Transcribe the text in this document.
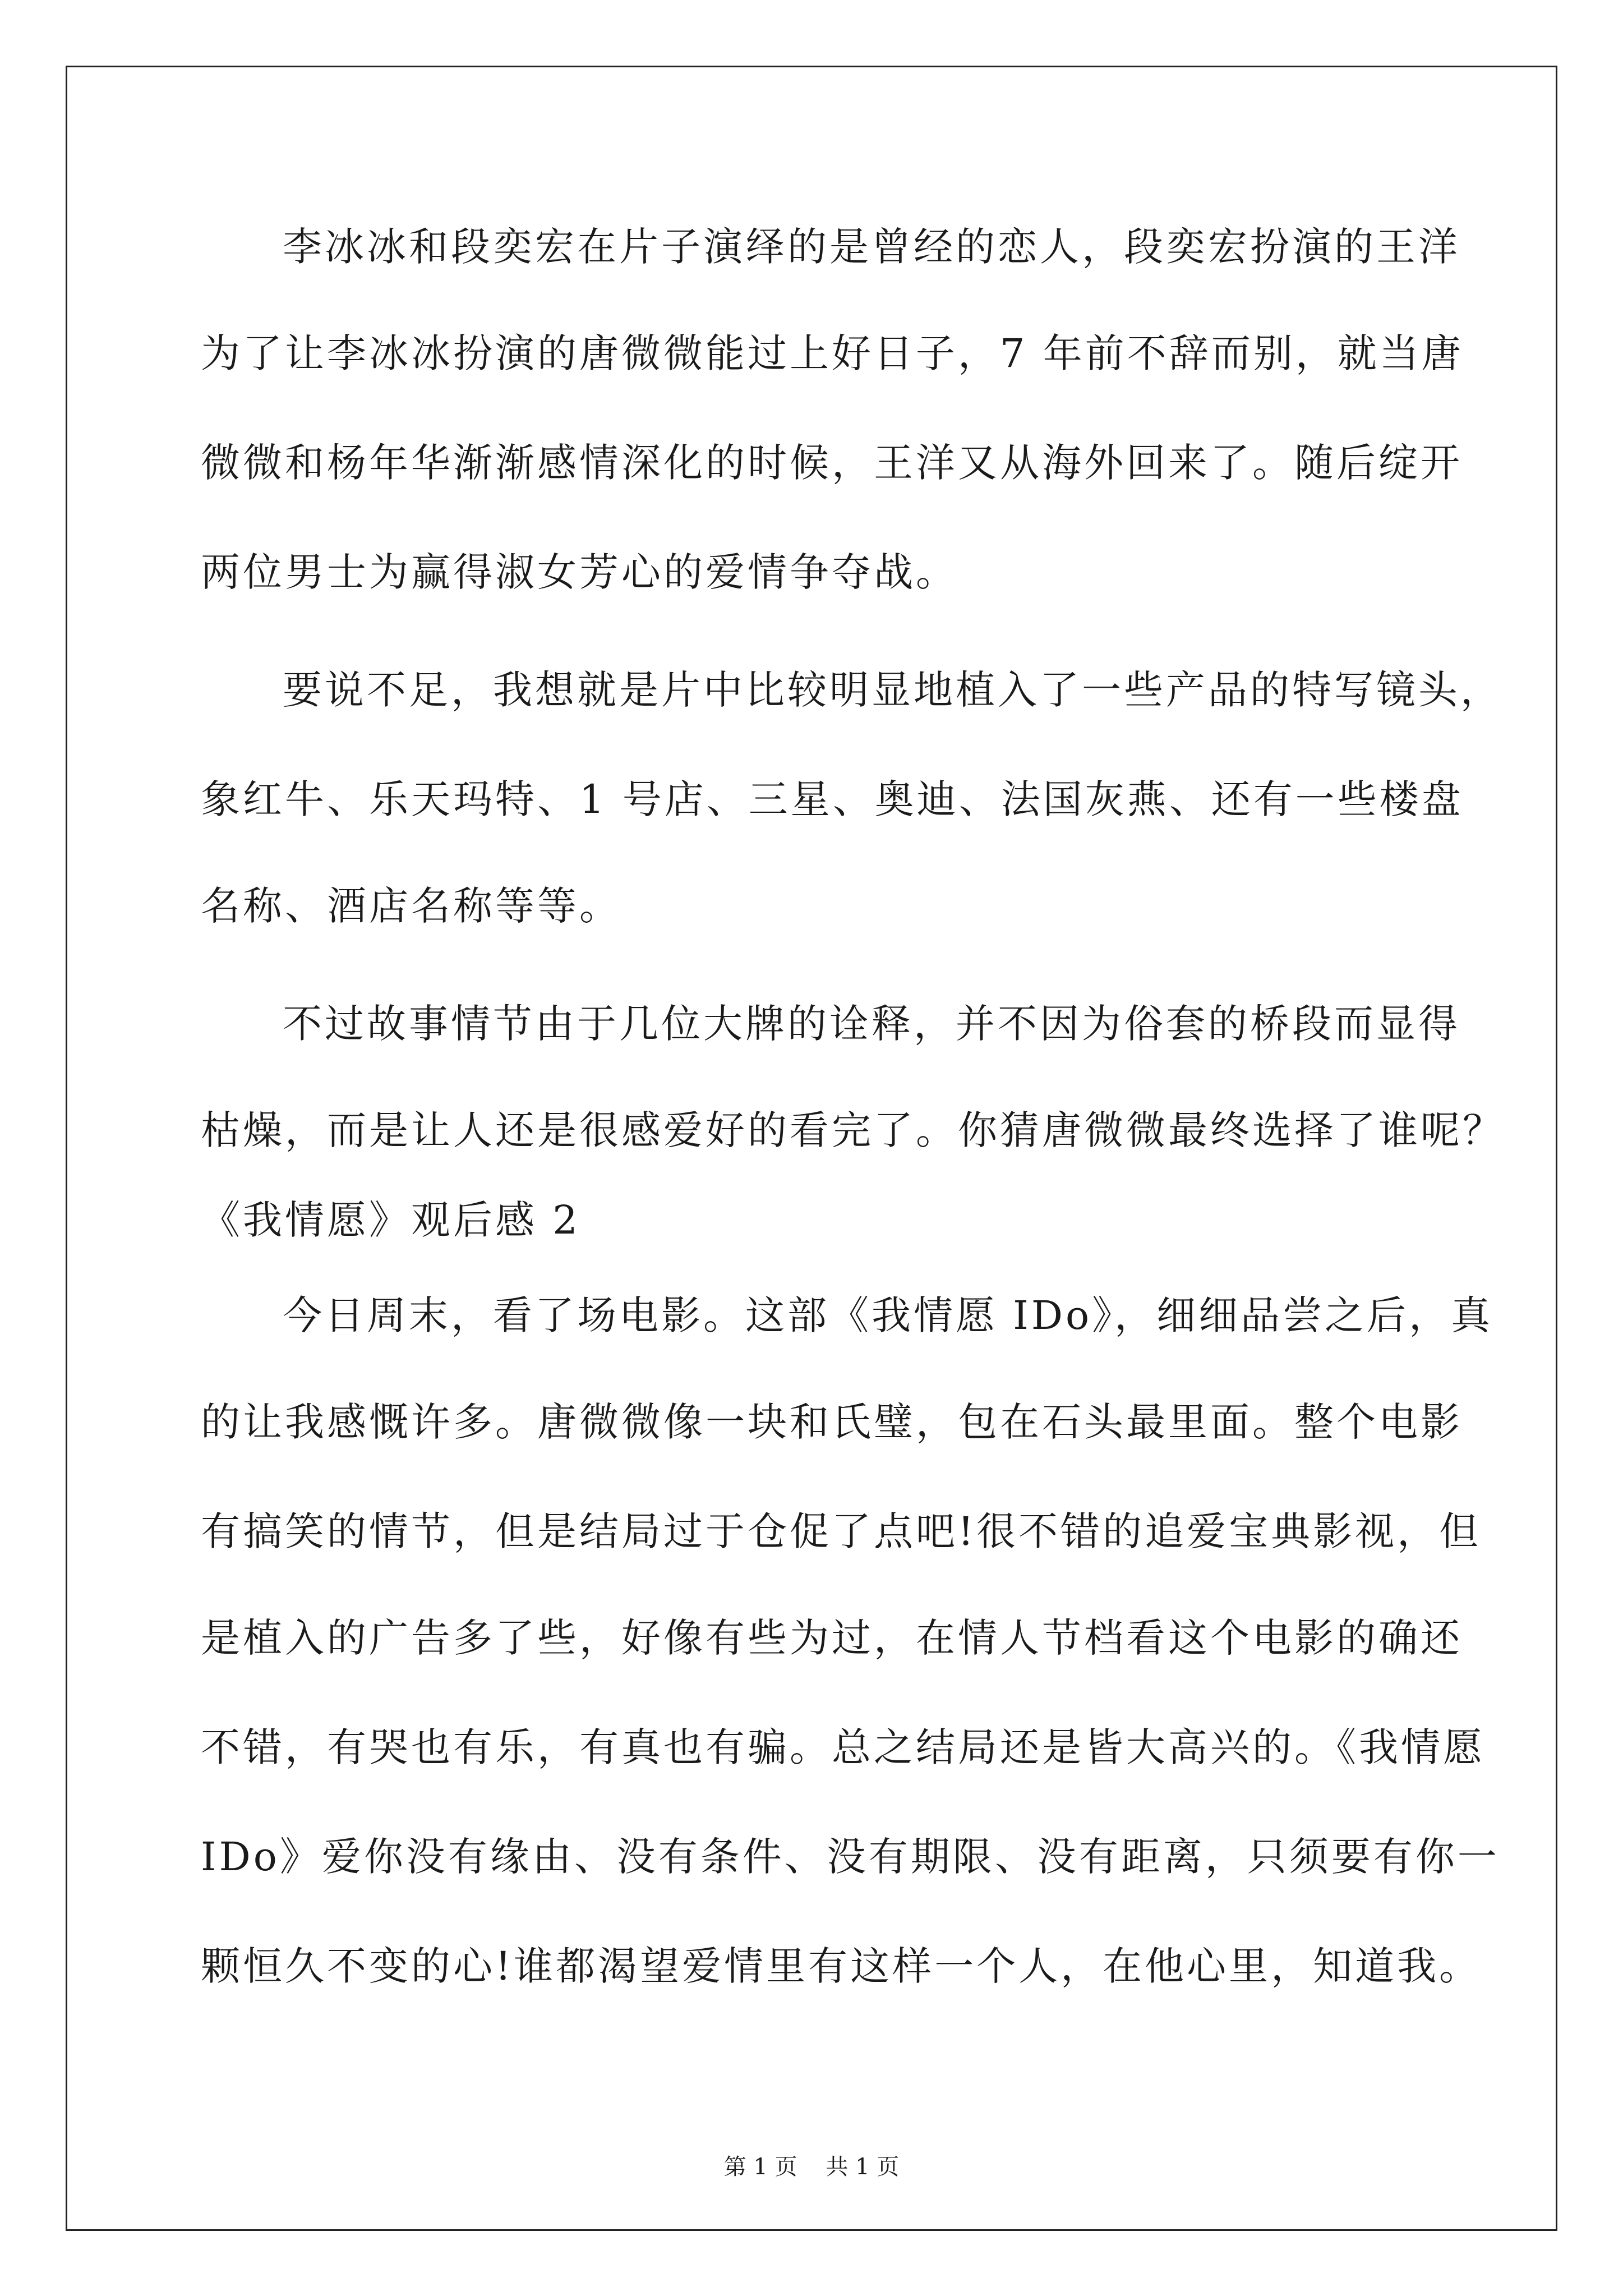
李冰冰和段奕宏在片子演绎的是曾经的恋人，段奕宏扮演的王洋
为了让李冰冰扮演的唐微微能过上好日子，7 年前不辞而别，就当唐
微微和杨年华渐渐感情深化的时候，王洋又从海外回来了。随后绽开
两位男士为赢得淑女芳心的爱情争夺战。
要说不足，我想就是片中比较明显地植入了一些产品的特写镜头，
象红牛、乐天玛特、1 号店、三星、奥迪、法国灰燕、还有一些楼盘
名称、酒店名称等等。
不过故事情节由于几位大牌的诠释，并不因为俗套的桥段而显得
枯燥，而是让人还是很感爱好的看完了。你猜唐微微最终选择了谁呢？
《我情愿》观后感 2
今日周末，看了场电影。这部《我情愿 IDo》，细细品尝之后，真
的让我感慨许多。唐微微像一块和氏璧，包在石头最里面。整个电影
有搞笑的情节，但是结局过于仓促了点吧!很不错的追爱宝典影视，但
是植入的广告多了些，好像有些为过，在情人节档看这个电影的确还
不错，有哭也有乐，有真也有骗。总之结局还是皆大高兴的。《我情愿
IDo》爱你没有缘由、没有条件、没有期限、没有距离，只须要有你一
颗恒久不变的心!谁都渴望爱情里有这样一个人，在他心里，知道我。
第 1 页    共 1 页
